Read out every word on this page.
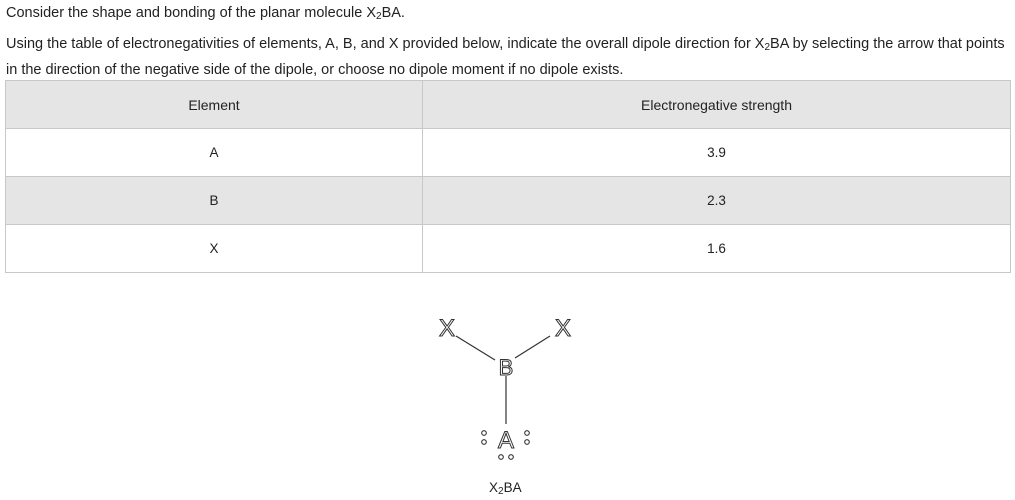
Consider the shape and bonding of the planar molecule $X_2BA$.
Using the table of electronegativities of elements, A, B, and X provided below, indicate the overall dipole direction for $X_2BA$ by selecting the arrow that points in the direction of the negative side of the dipole, or choose no dipole moment if no dipole exists.
Element	Electronegative strength
A	3.9
B	2.3
X	1.6
X	X
B
A
$X_2BA$
